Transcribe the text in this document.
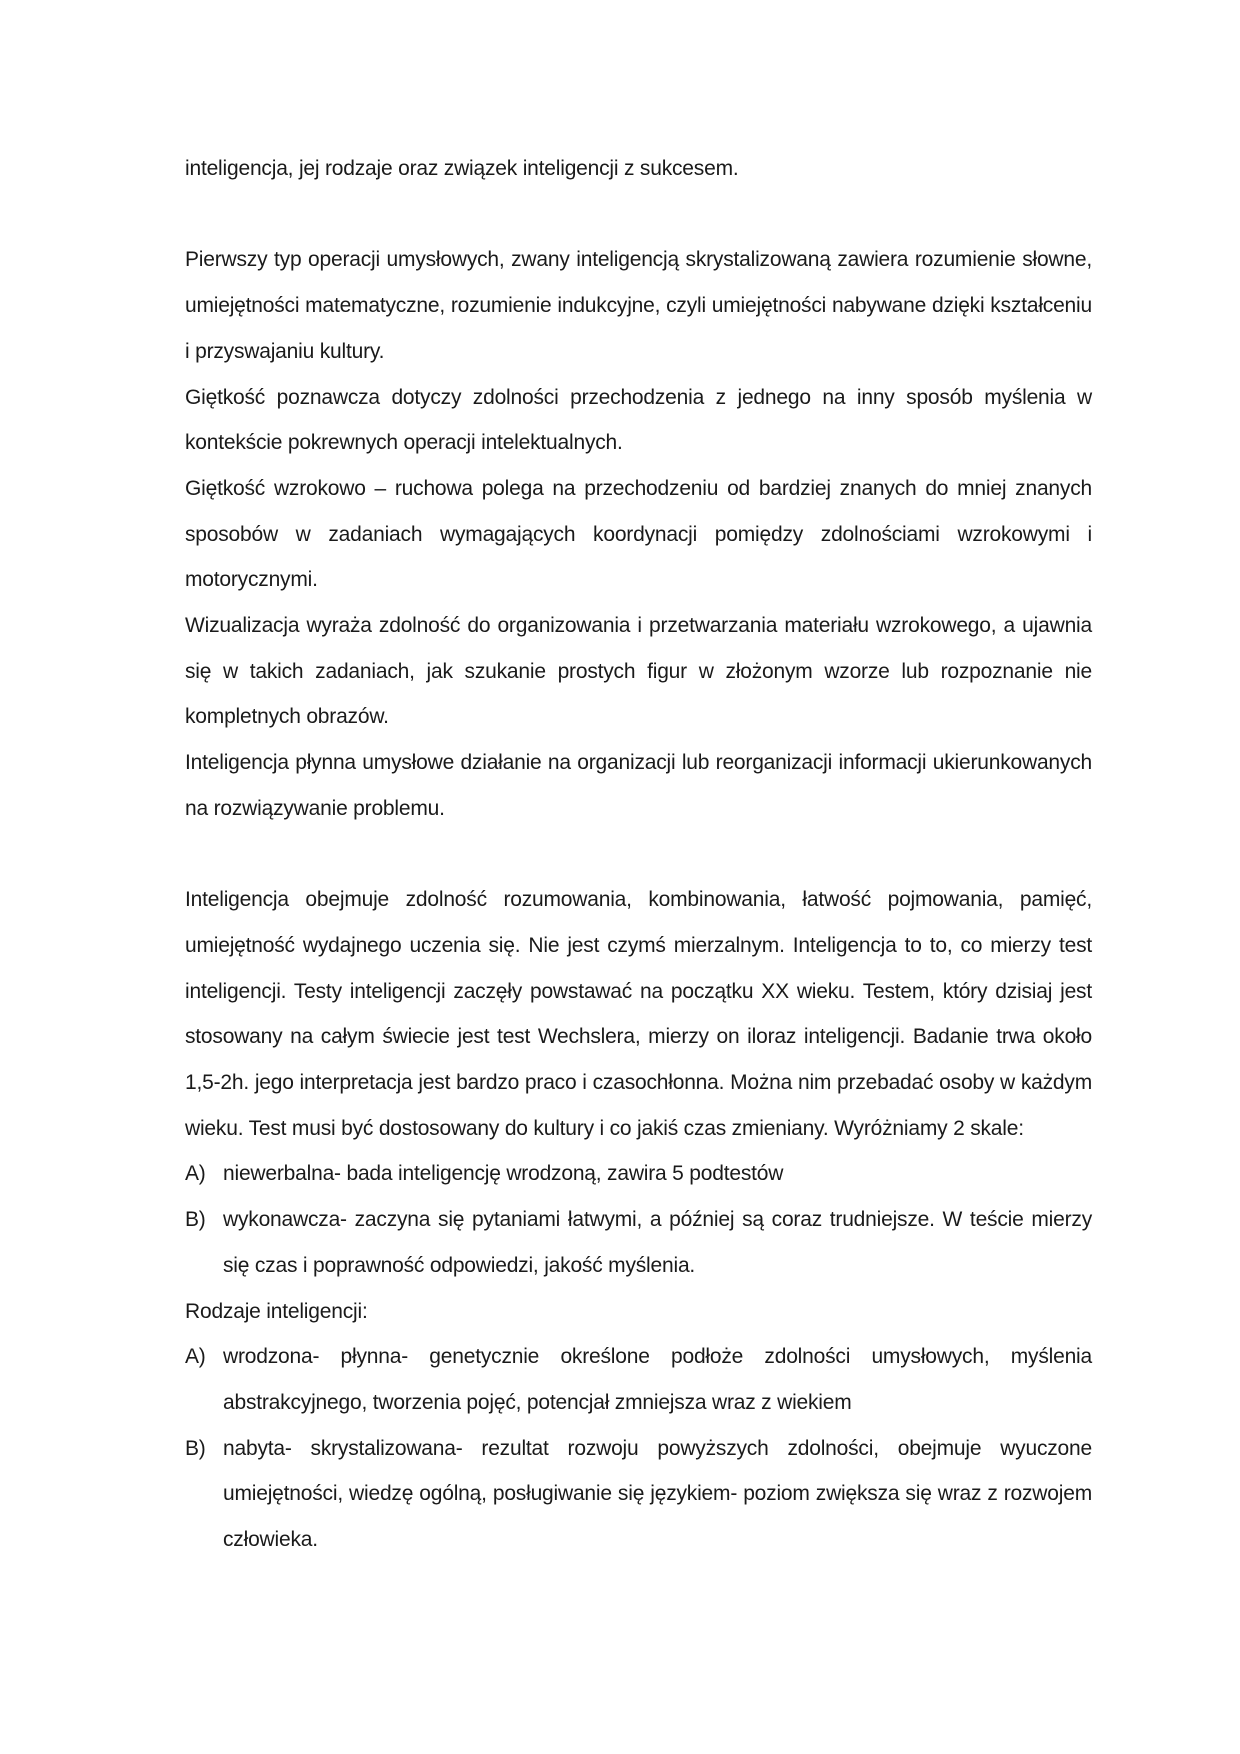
inteligencja, jej rodzaje oraz związek inteligencji z sukcesem.

Pierwszy typ operacji umysłowych, zwany inteligencją skrystalizowaną zawiera rozumienie słowne, umiejętności matematyczne, rozumienie indukcyjne, czyli umiejętności nabywane dzięki kształceniu i przyswajaniu kultury.

Giętkość poznawcza dotyczy zdolności przechodzenia z jednego na inny sposób myślenia w kontekście pokrewnych operacji intelektualnych.

Giętkość wzrokowo – ruchowa polega na przechodzeniu od bardziej znanych do mniej znanych sposobów w zadaniach wymagających koordynacji pomiędzy zdolnościami wzrokowymi i motorycznymi.

Wizualizacja wyraża zdolność do organizowania i przetwarzania materiału wzrokowego, a ujawnia się w takich zadaniach, jak szukanie prostych figur w złożonym wzorze lub rozpoznanie nie kompletnych obrazów.

Inteligencja płynna umysłowe działanie na organizacji lub reorganizacji informacji ukierunkowanych na rozwiązywanie problemu.

Inteligencja obejmuje zdolność rozumowania, kombinowania, łatwość pojmowania, pamięć, umiejętność wydajnego uczenia się. Nie jest czymś mierzalnym. Inteligencja to to, co mierzy test inteligencji. Testy inteligencji zaczęły powstawać na początku XX wieku. Testem, który dzisiaj jest stosowany na całym świecie jest test Wechslera, mierzy on iloraz inteligencji. Badanie trwa około 1,5-2h. jego interpretacja jest bardzo praco i czasochłonna. Można nim przebadać osoby w każdym wieku. Test musi być dostosowany do kultury i co jakiś czas zmieniany. Wyróżniamy 2 skale:

A) niewerbalna- bada inteligencję wrodzoną, zawira 5 podtestów
B) wykonawcza- zaczyna się pytaniami łatwymi, a później są coraz trudniejsze. W teście mierzy się czas i poprawność odpowiedzi, jakość myślenia.

Rodzaje inteligencji:

A) wrodzona- płynna- genetycznie określone podłoże zdolności umysłowych, myślenia abstrakcyjnego, tworzenia pojęć, potencjał zmniejsza wraz z wiekiem
B) nabyta- skrystalizowana- rezultat rozwoju powyższych zdolności, obejmuje wyuczone umiejętności, wiedzę ogólną, posługiwanie się językiem- poziom zwiększa się wraz z rozwojem człowieka.
